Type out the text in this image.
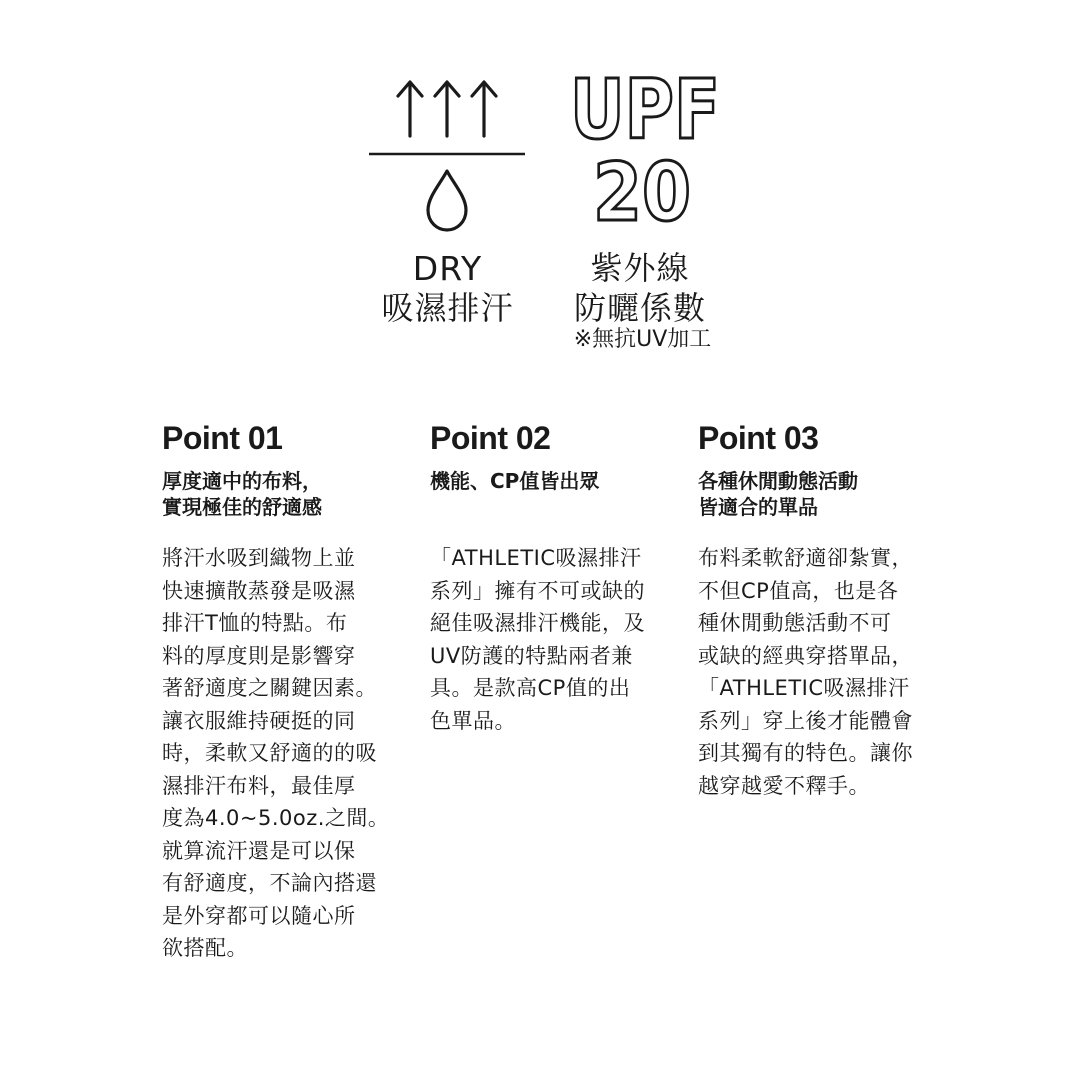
DRY
吸濕排汗
UPF
20
紫外線
防曬係數
※無抗UV加工
Point 01
厚度適中的布料，
實現極佳的舒適感
將汗水吸到織物上並
快速擴散蒸發是吸濕
排汗T恤的特點。布
料的厚度則是影響穿
著舒適度之關鍵因素。
讓衣服維持硬挺的同
時，柔軟又舒適的的吸
濕排汗布料，最佳厚
度為4.0~5.0oz.之間。
就算流汗還是可以保
有舒適度，不論內搭還
是外穿都可以隨心所
欲搭配。
Point 02
機能、CP值皆出眾
「ATHLETIC吸濕排汗
系列」擁有不可或缺的
絕佳吸濕排汗機能，及
UV防護的特點兩者兼
具。是款高CP值的出
色單品。
Point 03
各種休閒動態活動
皆適合的單品
布料柔軟舒適卻紮實，
不但CP值高，也是各
種休閒動態活動不可
或缺的經典穿搭單品，
「ATHLETIC吸濕排汗
系列」穿上後才能體會
到其獨有的特色。讓你
越穿越愛不釋手。
